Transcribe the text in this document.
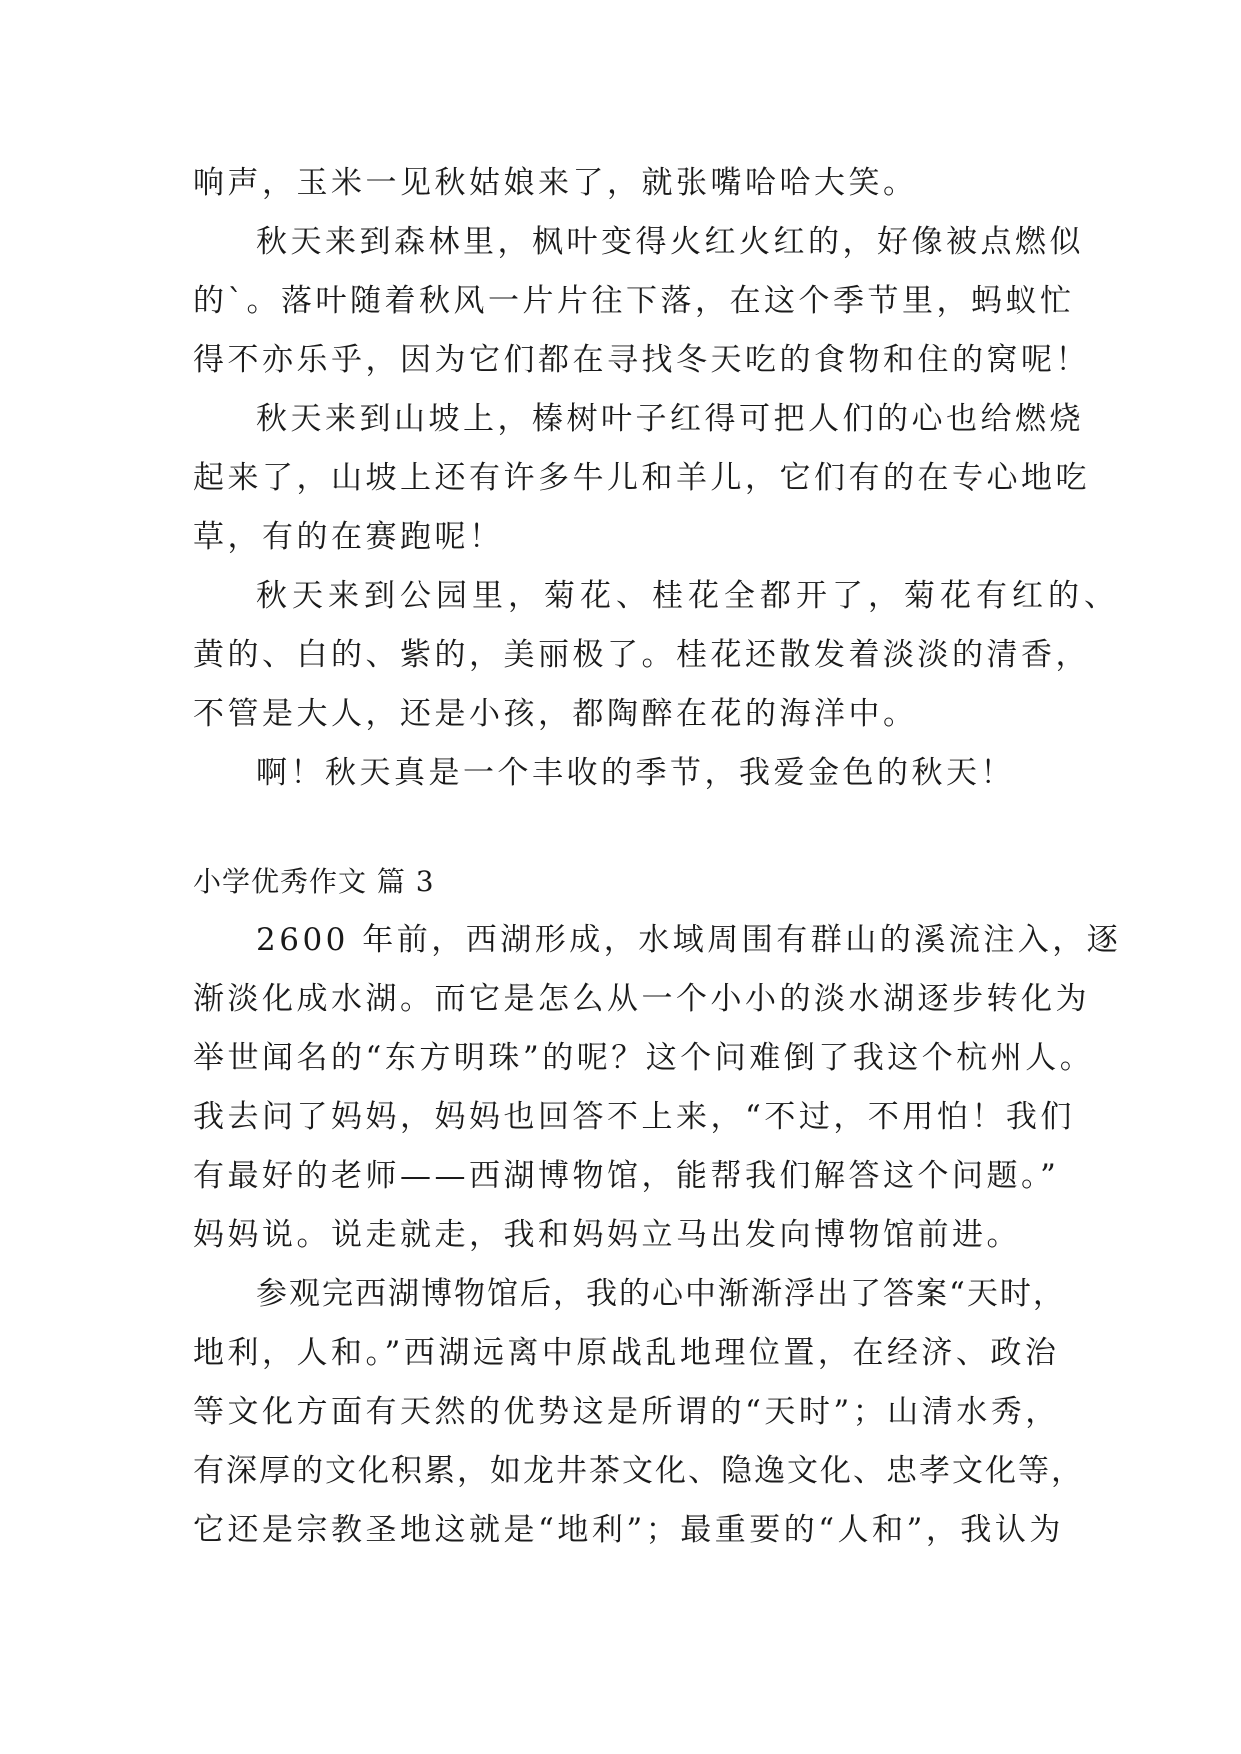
响声，玉米一见秋姑娘来了，就张嘴哈哈大笑。
秋天来到森林里，枫叶变得火红火红的，好像被点燃似
的`。落叶随着秋风一片片往下落，在这个季节里，蚂蚁忙
得不亦乐乎，因为它们都在寻找冬天吃的食物和住的窝呢！
秋天来到山坡上，榛树叶子红得可把人们的心也给燃烧
起来了，山坡上还有许多牛儿和羊儿，它们有的在专心地吃
草，有的在赛跑呢！
秋天来到公园里，菊花、桂花全都开了，菊花有红的、
黄的、白的、紫的，美丽极了。桂花还散发着淡淡的清香，
不管是大人，还是小孩，都陶醉在花的海洋中。
啊！秋天真是一个丰收的季节，我爱金色的秋天！
小学优秀作文 篇 3
2600 年前，西湖形成，水域周围有群山的溪流注入，逐
渐淡化成水湖。而它是怎么从一个小小的淡水湖逐步转化为
举世闻名的“东方明珠”的呢？这个问难倒了我这个杭州人。
我去问了妈妈，妈妈也回答不上来，“不过，不用怕！我们
有最好的老师——西湖博物馆，能帮我们解答这个问题。”
妈妈说。说走就走，我和妈妈立马出发向博物馆前进。
参观完西湖博物馆后，我的心中渐渐浮出了答案“天时，
地利，人和。”西湖远离中原战乱地理位置，在经济、政治
等文化方面有天然的优势这是所谓的“天时”；山清水秀，
有深厚的文化积累，如龙井茶文化、隐逸文化、忠孝文化等，
它还是宗教圣地这就是“地利”；最重要的“人和”，我认为
